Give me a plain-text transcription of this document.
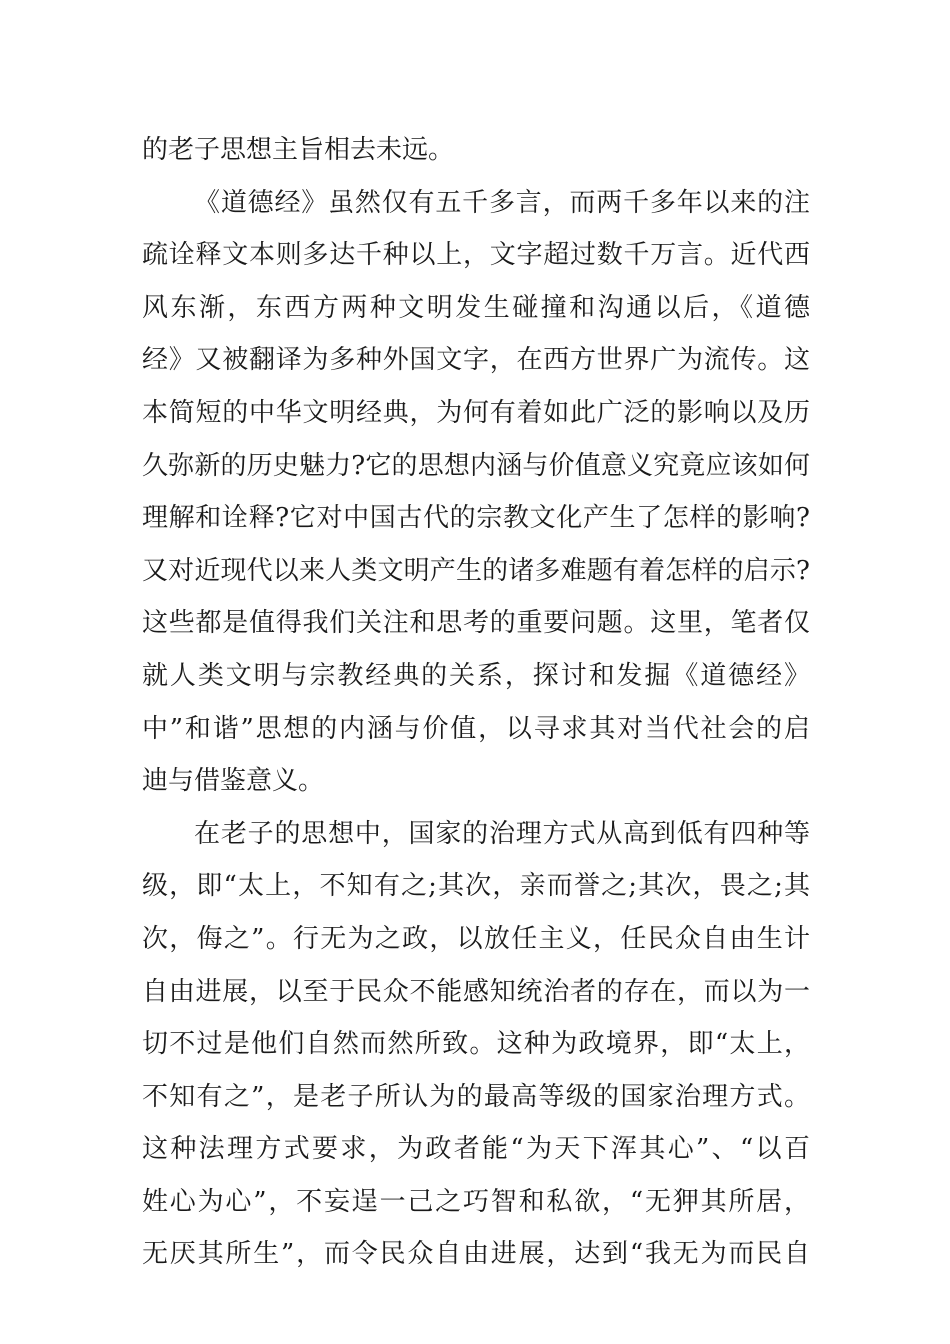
的老子思想主旨相去未远。
《道德经》虽然仅有五千多言，而两千多年以来的注
疏诠释文本则多达千种以上，文字超过数千万言。近代西
风东渐，东西方两种文明发生碰撞和沟通以后，《道德
经》又被翻译为多种外国文字，在西方世界广为流传。这
本简短的中华文明经典，为何有着如此广泛的影响以及历
久弥新的历史魅力?它的思想内涵与价值意义究竟应该如何
理解和诠释?它对中国古代的宗教文化产生了怎样的影响?
又对近现代以来人类文明产生的诸多难题有着怎样的启示?
这些都是值得我们关注和思考的重要问题。这里，笔者仅
就人类文明与宗教经典的关系，探讨和发掘《道德经》
中”和谐”思想的内涵与价值，以寻求其对当代社会的启
迪与借鉴意义。
在老子的思想中，国家的治理方式从高到低有四种等
级，即“太上，不知有之;其次，亲而誉之;其次，畏之;其
次，侮之”。行无为之政，以放任主义，任民众自由生计
自由进展，以至于民众不能感知统治者的存在，而以为一
切不过是他们自然而然所致。这种为政境界，即“太上，
不知有之”，是老子所认为的最高等级的国家治理方式。
这种法理方式要求，为政者能“为天下浑其心”、“以百
姓心为心”，不妄逞一己之巧智和私欲，“无狎其所居，
无厌其所生”，而令民众自由进展，达到“我无为而民自
